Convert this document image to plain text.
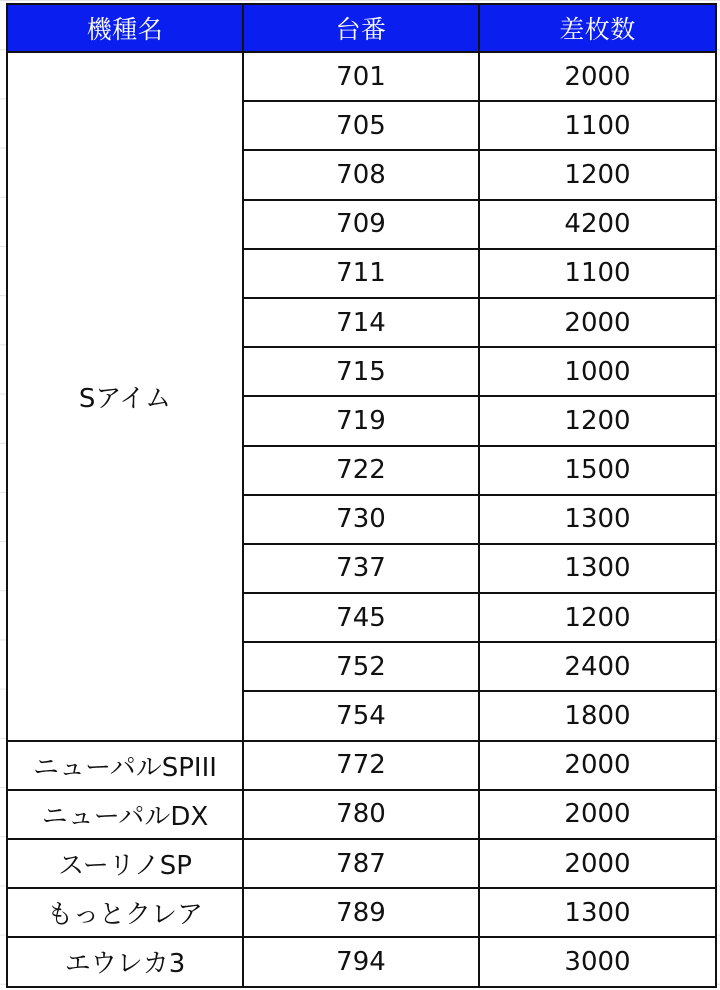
機種名	台番	差枚数
Sアイム	701	2000
	705	1100
	708	1200
	709	4200
	711	1100
	714	2000
	715	1000
	719	1200
	722	1500
	730	1300
	737	1300
	745	1200
	752	2400
	754	1800
ニューパルSPIII	772	2000
ニューパルDX	780	2000
スーリノSP	787	2000
もっとクレア	789	1300
エウレカ3	794	3000
